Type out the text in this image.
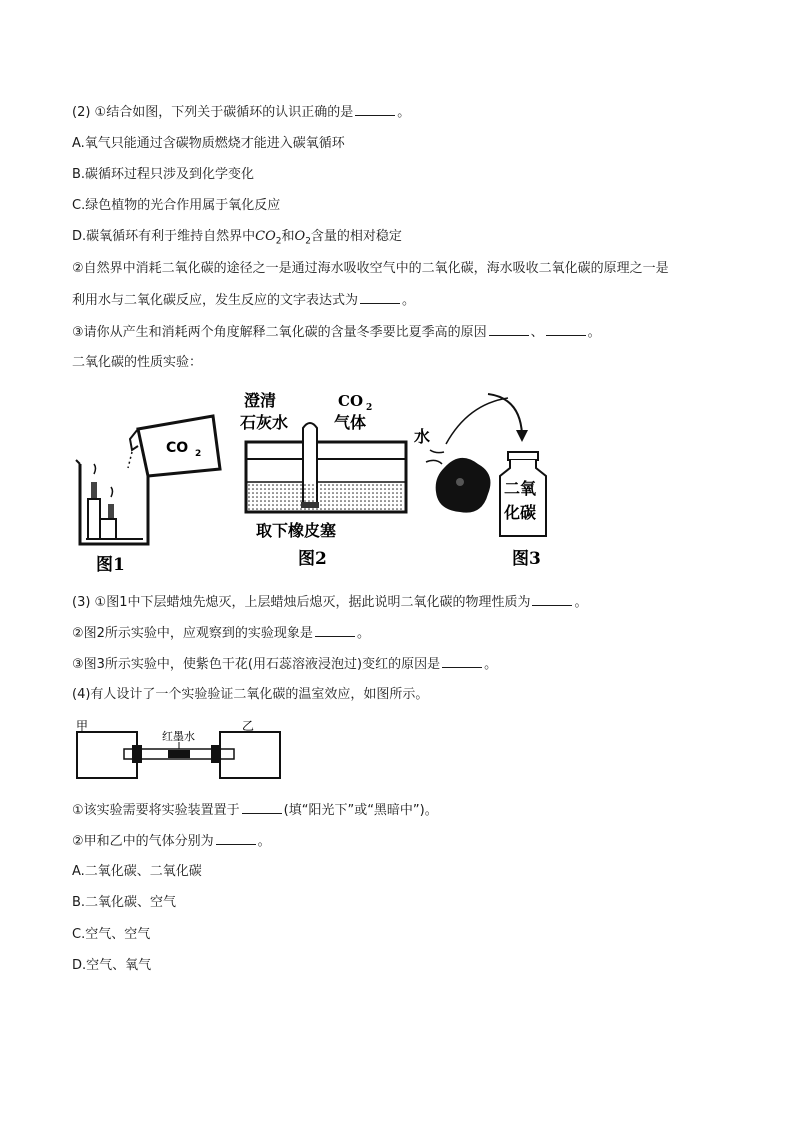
(2) ①结合如图，下列关于碳循环的认识正确的是	。
A.氧气只能通过含碳物质燃烧才能进入碳氧循环
B.碳循环过程只涉及到化学变化
C.绿色植物的光合作用属于氧化反应
D.碳氧循环有利于维持自然界中$CO_2$和$O_2$含量的相对稳定
②自然界中消耗二氧化碳的途径之一是通过海水吸收空气中的二氧化碳，海水吸收二氧化碳的原理之一是
利用水与二氧化碳反应，发生反应的文字表达式为	。
③请你从产生和消耗两个角度解释二氧化碳的含量冬季要比夏季高的原因	、	。
二氧化碳的性质实验：
CO 2
图1
澄清
石灰水
CO 2
气体
取下橡皮塞
图2
水
二氧
化碳
图3
(3) ①图1中下层蜡烛先熄灭，上层蜡烛后熄灭，据此说明二氧化碳的物理性质为	。
②图2所示实验中，应观察到的实验现象是	。
③图3所示实验中，使紫色干花(用石蕊溶液浸泡过)变红的原因是	。
(4)有人设计了一个实验验证二氧化碳的温室效应，如图所示。
甲	乙
红墨水
①该实验需要将实验装置置于	(填“阳光下”或“黑暗中”)。
②甲和乙中的气体分别为	。
A.二氧化碳、二氧化碳
B.二氧化碳、空气
C.空气、空气
D.空气、氧气
